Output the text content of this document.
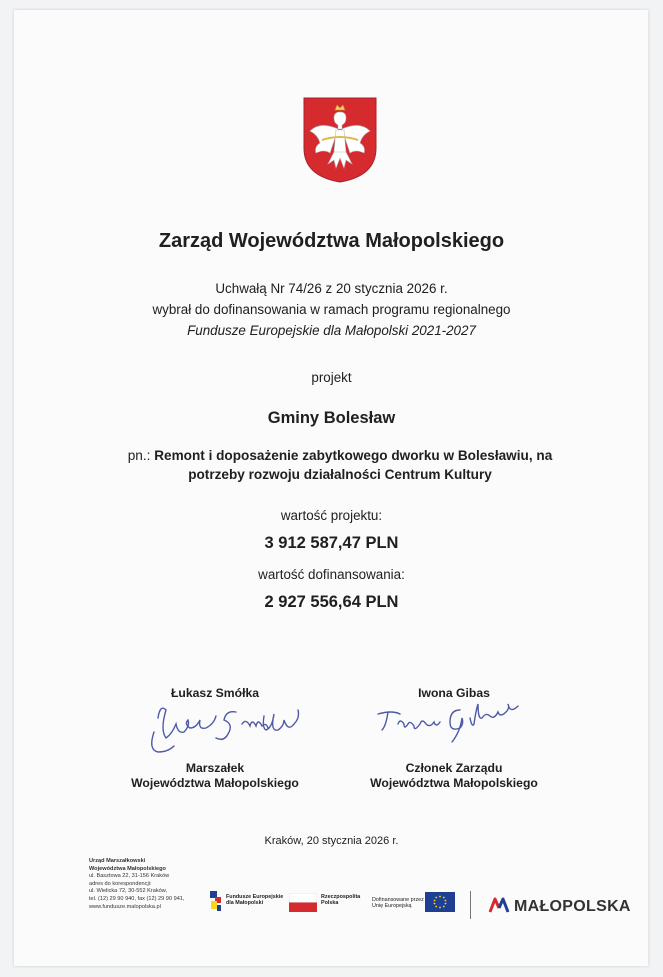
Zarząd Województwa Małopolskiego
Uchwałą Nr 74/26 z 20 stycznia 2026 r.
wybrał do dofinansowania w ramach programu regionalnego
Fundusze Europejskie dla Małopolski 2021-2027
projekt
Gminy Bolesław
pn.: Remont i doposażenie zabytkowego dworku w Bolesławiu, na potrzeby rozwoju działalności Centrum Kultury
wartość projektu:
3 912 587,47 PLN
wartość dofinansowania:
2 927 556,64 PLN
Łukasz Smółka
Marszałek
Województwa Małopolskiego
Iwona Gibas
Członek Zarządu
Województwa Małopolskiego
Kraków, 20 stycznia 2026 r.
Urząd Marszałkowski
Województwa Małopolskiego
ul. Basztowa 22, 31-156 Kraków
adres do korespondencji:
ul. Wielicka 72, 30-552 Kraków,
tel. (12) 29 90 940, fax (12) 29 90 941,
www.fundusze.malopolska.pl
Fundusze Europejskie
dla Małopolski
Rzeczpospolita
Polska
Dofinansowane przez
Unię Europejską	MAŁOPOLSKA
